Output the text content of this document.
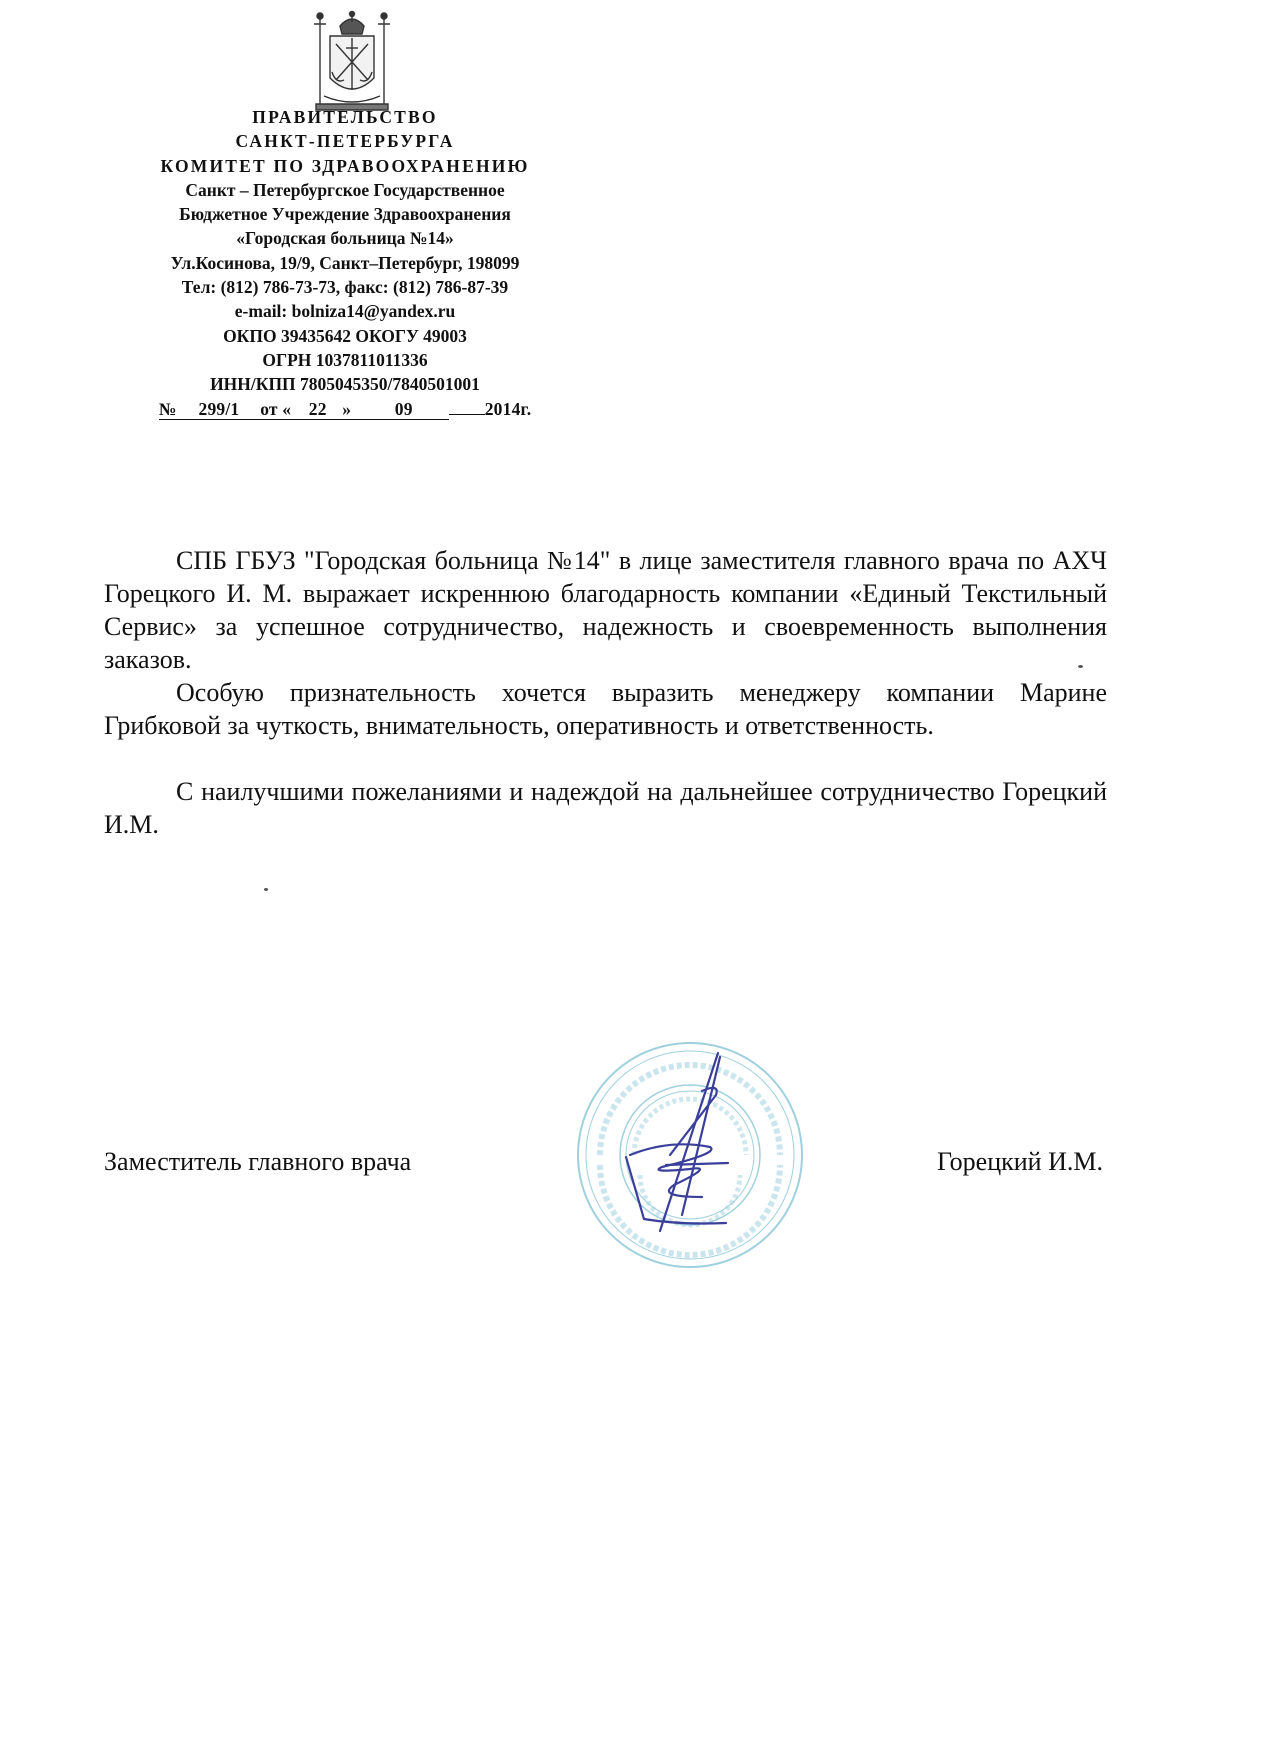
ПРАВИТЕЛЬСТВО
САНКТ-ПЕТЕРБУРГА
КОМИТЕТ ПО ЗДРАВООХРАНЕНИЮ
Санкт – Петербургское Государственное
Бюджетное Учреждение Здравоохранения
«Городская больница №14»
Ул.Косинова, 19/9, Санкт–Петербург, 198099
Тел: (812) 786-73-73, факс: (812) 786-87-39
e-mail: bolniza14@yandex.ru
ОКПО 39435642 ОКОГУ 49003
ОГРН 1037811011336
ИНН/КПП 7805045350/7840501001
№ 299/1 от « 22 » 09	2014г.

СПБ ГБУЗ "Городская больница №14" в лице заместителя главного врача по АХЧ Горецкого И. М. выражает искреннюю благодарность компании «Единый Текстильный Сервис» за успешное сотрудничество, надежность и своевременность выполнения заказов.

Особую признательность хочется выразить менеджеру компании Марине Грибковой за чуткость, внимательность, оперативность и ответственность.

С наилучшими пожеланиями и надеждой на дальнейшее сотрудничество Горецкий И.М.

Заместитель главного врача	Горецкий И.М.
